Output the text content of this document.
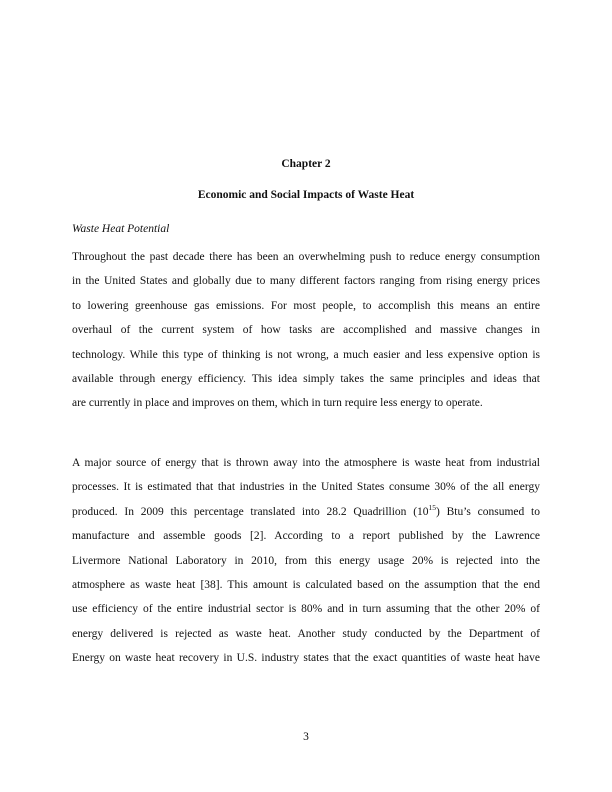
Chapter 2
Economic and Social Impacts of Waste Heat
Waste Heat Potential
Throughout the past decade there has been an overwhelming push to reduce energy consumption
in the United States and globally due to many different factors ranging from rising energy prices
to lowering greenhouse gas emissions. For most people, to accomplish this means an entire
overhaul of the current system of how tasks are accomplished and massive changes in
technology. While this type of thinking is not wrong, a much easier and less expensive option is
available through energy efficiency. This idea simply takes the same principles and ideas that
are currently in place and improves on them, which in turn require less energy to operate.
A major source of energy that is thrown away into the atmosphere is waste heat from industrial
processes. It is estimated that that industries in the United States consume 30% of the all energy
produced. In 2009 this percentage translated into 28.2 Quadrillion $(10^{15})$ Btu’s consumed to
manufacture and assemble goods [2]. According to a report published by the Lawrence
Livermore National Laboratory in 2010, from this energy usage 20% is rejected into the
atmosphere as waste heat [38]. This amount is calculated based on the assumption that the end
use efficiency of the entire industrial sector is 80% and in turn assuming that the other 20% of
energy delivered is rejected as waste heat. Another study conducted by the Department of
Energy on waste heat recovery in U.S. industry states that the exact quantities of waste heat have
3
